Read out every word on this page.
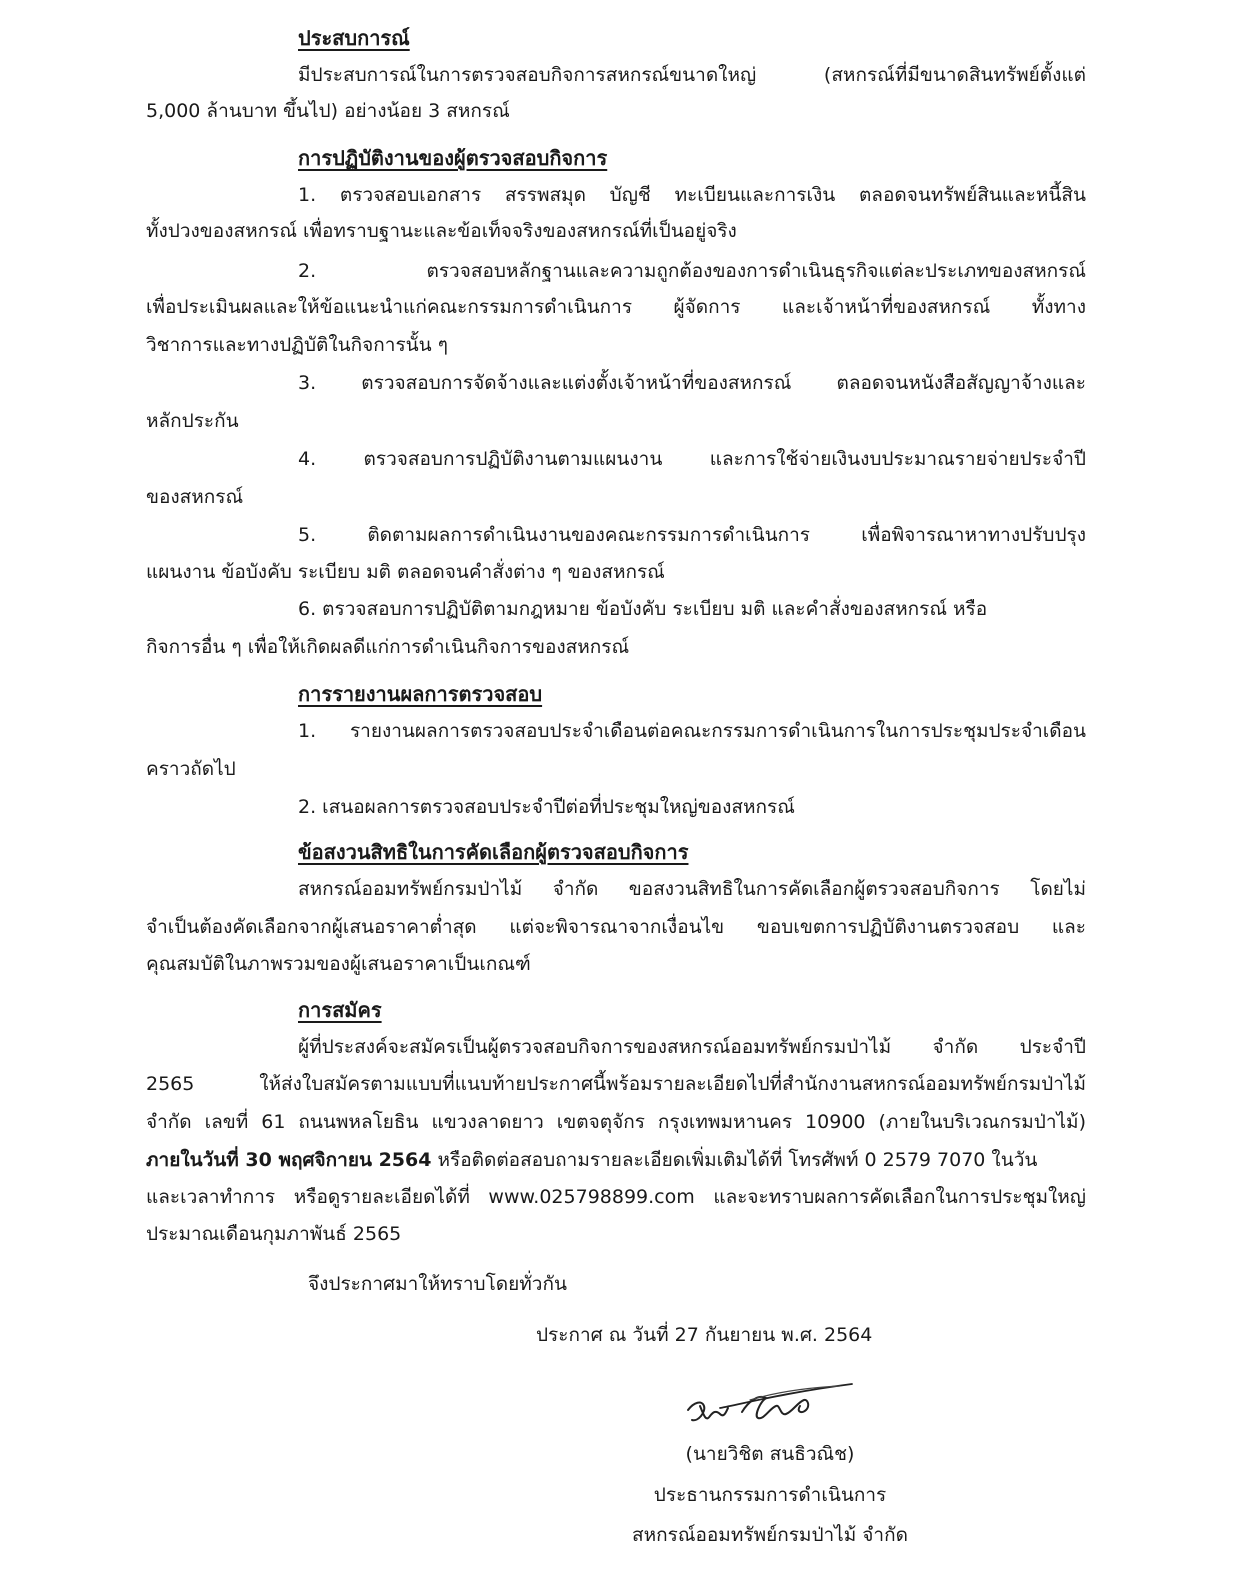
ประสบการณ์
มีประสบการณ์ในการตรวจสอบกิจการสหกรณ์ขนาดใหญ่ (สหกรณ์ที่มีขนาดสินทรัพย์ตั้งแต่
5,000 ล้านบาท ขึ้นไป) อย่างน้อย 3 สหกรณ์
การปฏิบัติงานของผู้ตรวจสอบกิจการ
1. ตรวจสอบเอกสาร สรรพสมุด บัญชี ทะเบียนและการเงิน ตลอดจนทรัพย์สินและหนี้สิน
ทั้งปวงของสหกรณ์ เพื่อทราบฐานะและข้อเท็จจริงของสหกรณ์ที่เป็นอยู่จริง
2. ตรวจสอบหลักฐานและความถูกต้องของการดำเนินธุรกิจแต่ละประเภทของสหกรณ์
เพื่อประเมินผลและให้ข้อแนะนำแก่คณะกรรมการดำเนินการ ผู้จัดการ และเจ้าหน้าที่ของสหกรณ์ ทั้งทาง
วิชาการและทางปฏิบัติในกิจการนั้น ๆ
3. ตรวจสอบการจัดจ้างและแต่งตั้งเจ้าหน้าที่ของสหกรณ์ ตลอดจนหนังสือสัญญาจ้างและ
หลักประกัน
4. ตรวจสอบการปฏิบัติงานตามแผนงาน และการใช้จ่ายเงินงบประมาณรายจ่ายประจำปี
ของสหกรณ์
5. ติดตามผลการดำเนินงานของคณะกรรมการดำเนินการ เพื่อพิจารณาหาทางปรับปรุง
แผนงาน ข้อบังคับ ระเบียบ มติ ตลอดจนคำสั่งต่าง ๆ ของสหกรณ์
6. ตรวจสอบการปฏิบัติตามกฎหมาย ข้อบังคับ ระเบียบ มติ และคำสั่งของสหกรณ์ หรือ
กิจการอื่น ๆ เพื่อให้เกิดผลดีแก่การดำเนินกิจการของสหกรณ์
การรายงานผลการตรวจสอบ
1. รายงานผลการตรวจสอบประจำเดือนต่อคณะกรรมการดำเนินการในการประชุมประจำเดือน
คราวถัดไป
2. เสนอผลการตรวจสอบประจำปีต่อที่ประชุมใหญ่ของสหกรณ์
ข้อสงวนสิทธิในการคัดเลือกผู้ตรวจสอบกิจการ
สหกรณ์ออมทรัพย์กรมป่าไม้ จำกัด ขอสงวนสิทธิในการคัดเลือกผู้ตรวจสอบกิจการ โดยไม่
จำเป็นต้องคัดเลือกจากผู้เสนอราคาต่ำสุด แต่จะพิจารณาจากเงื่อนไข ขอบเขตการปฏิบัติงานตรวจสอบ และ
คุณสมบัติในภาพรวมของผู้เสนอราคาเป็นเกณฑ์
การสมัคร
ผู้ที่ประสงค์จะสมัครเป็นผู้ตรวจสอบกิจการของสหกรณ์ออมทรัพย์กรมป่าไม้ จำกัด ประจำปี
2565 ให้ส่งใบสมัครตามแบบที่แนบท้ายประกาศนี้พร้อมรายละเอียดไปที่สำนักงานสหกรณ์ออมทรัพย์กรมป่าไม้
จำกัด เลขที่ 61 ถนนพหลโยธิน แขวงลาดยาว เขตจตุจักร กรุงเทพมหานคร 10900 (ภายในบริเวณกรมป่าไม้)
ภายในวันที่ 30 พฤศจิกายน 2564 หรือติดต่อสอบถามรายละเอียดเพิ่มเติมได้ที่ โทรศัพท์ 0 2579 7070 ในวัน
และเวลาทำการ หรือดูรายละเอียดได้ที่ www.025798899.com และจะทราบผลการคัดเลือกในการประชุมใหญ่
ประมาณเดือนกุมภาพันธ์ 2565
จึงประกาศมาให้ทราบโดยทั่วกัน
ประกาศ ณ วันที่ 27 กันยายน พ.ศ. 2564
(นายวิชิต สนธิวณิช)
ประธานกรรมการดำเนินการ
สหกรณ์ออมทรัพย์กรมป่าไม้ จำกัด
